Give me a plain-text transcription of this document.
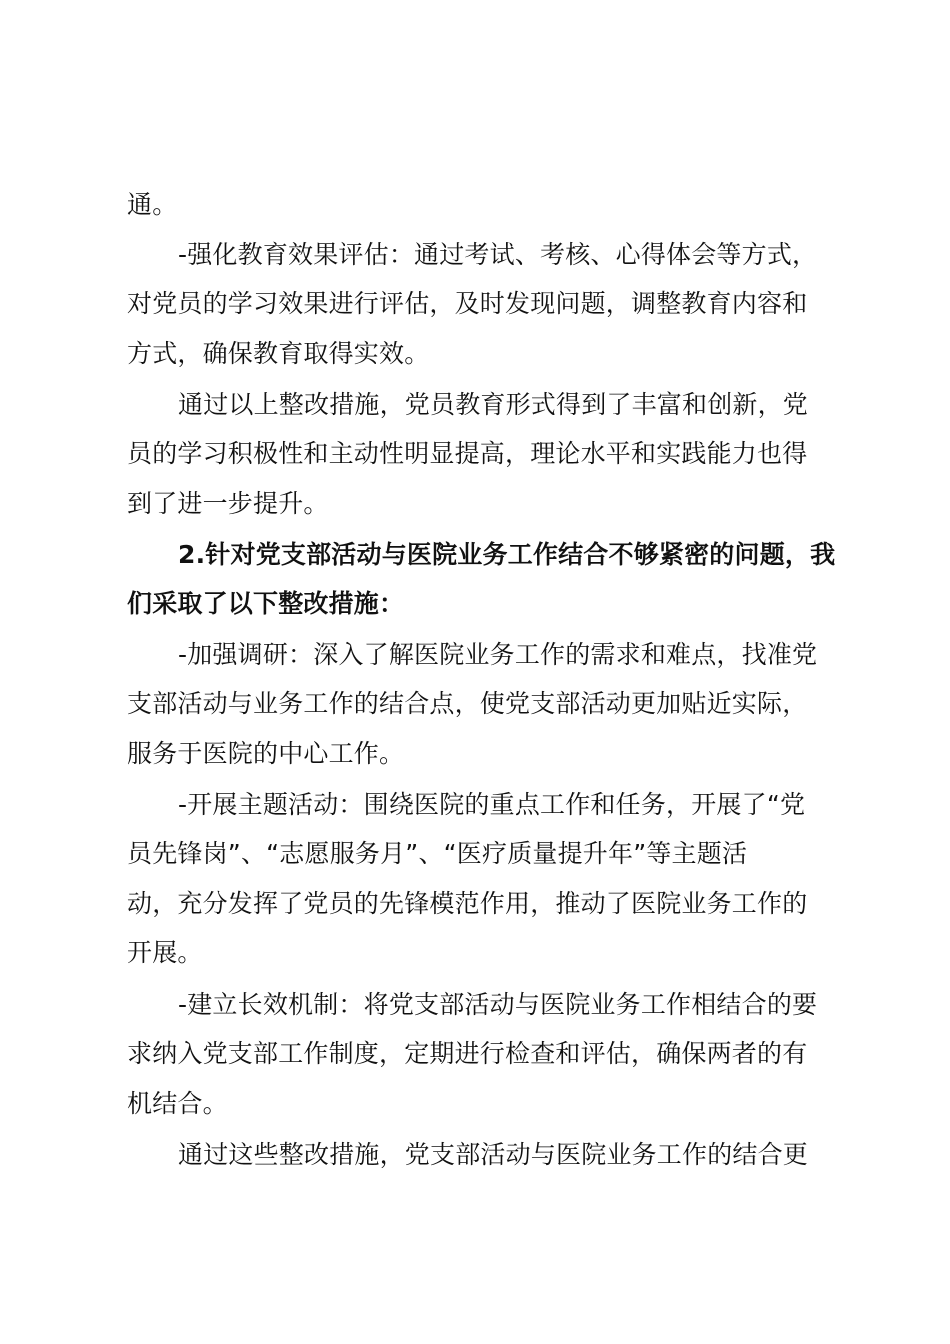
通。
-强化教育效果评估：通过考试、考核、心得体会等方式，
对党员的学习效果进行评估，及时发现问题，调整教育内容和
方式，确保教育取得实效。
通过以上整改措施，党员教育形式得到了丰富和创新，党
员的学习积极性和主动性明显提高，理论水平和实践能力也得
到了进一步提升。
2.针对党支部活动与医院业务工作结合不够紧密的问题，我
们采取了以下整改措施：
-加强调研：深入了解医院业务工作的需求和难点，找准党
支部活动与业务工作的结合点，使党支部活动更加贴近实际，
服务于医院的中心工作。
-开展主题活动：围绕医院的重点工作和任务，开展了“党
员先锋岗”、“志愿服务月”、“医疗质量提升年”等主题活
动，充分发挥了党员的先锋模范作用，推动了医院业务工作的
开展。
-建立长效机制：将党支部活动与医院业务工作相结合的要
求纳入党支部工作制度，定期进行检查和评估，确保两者的有
机结合。
通过这些整改措施，党支部活动与医院业务工作的结合更
